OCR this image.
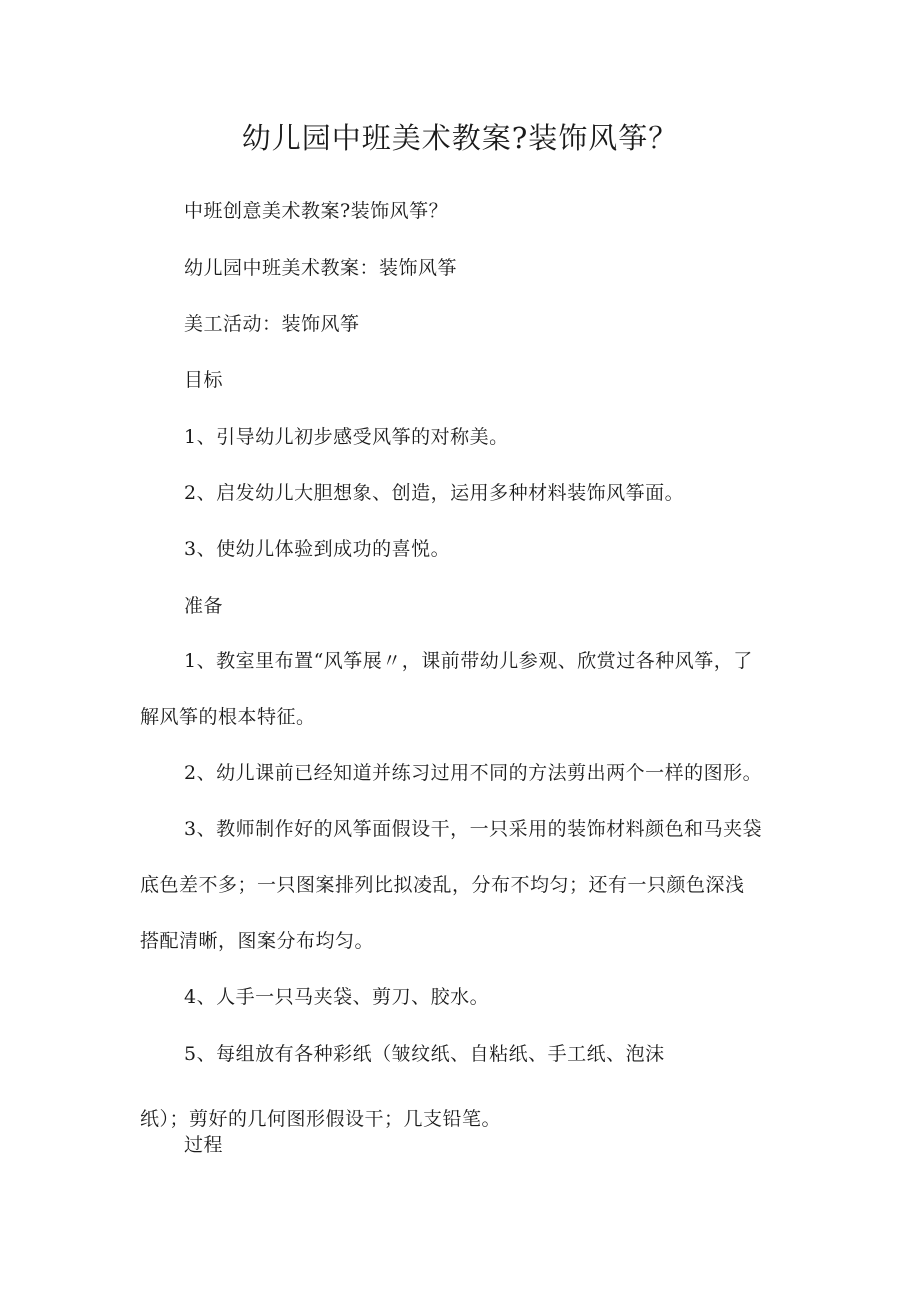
幼儿园中班美术教案?装饰风筝？
中班创意美术教案?装饰风筝？
幼儿园中班美术教案：装饰风筝
美工活动：装饰风筝
目标
1、引导幼儿初步感受风筝的对称美。
2、启发幼儿大胆想象、创造，运用多种材料装饰风筝面。
3、使幼儿体验到成功的喜悦。
准备
1、教室里布置“风筝展〃，课前带幼儿参观、欣赏过各种风筝，了
解风筝的根本特征。
2、幼儿课前已经知道并练习过用不同的方法剪出两个一样的图形。
3、教师制作好的风筝面假设干，一只采用的装饰材料颜色和马夹袋
底色差不多；一只图案排列比拟凌乱，分布不均匀；还有一只颜色深浅
搭配清晰，图案分布均匀。
4、人手一只马夹袋、剪刀、胶水。
5、每组放有各种彩纸（皱纹纸、自粘纸、手工纸、泡沫
纸）；剪好的几何图形假设干；几支铅笔。
过程
